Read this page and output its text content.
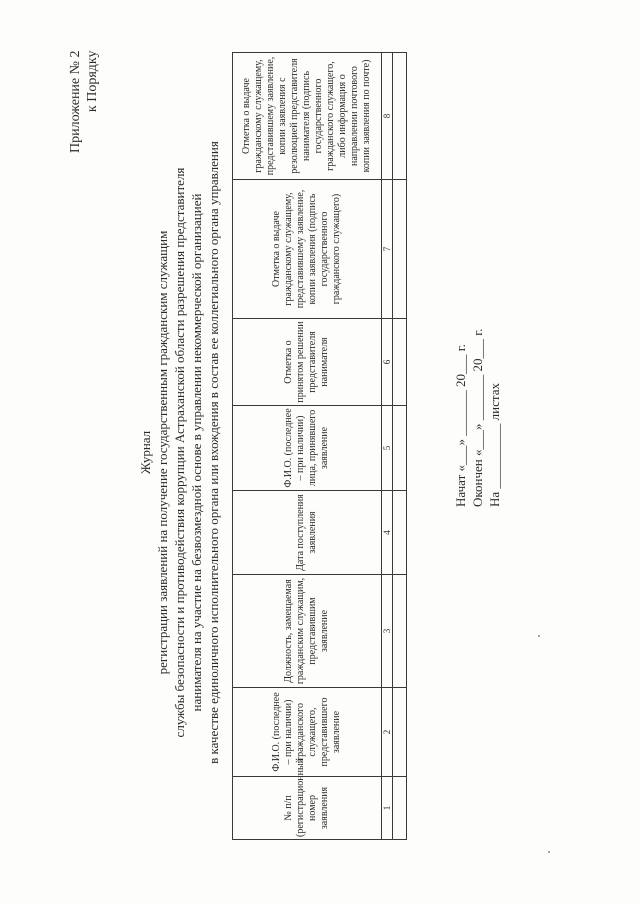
Приложение № 2 к Порядку
Журнал регистрации заявлений на получение государственным гражданским служащим службы безопасности и противодействия коррупции Астраханской области разрешения представителя нанимателя на участие на безвозмездной основе в управлении некоммерческой организацией в качестве единоличного исполнительного органа или вхождения в состав ее коллегиального органа управления
№ п/п (регистрационный номер заявления	Ф.И.О. (последнее – при наличии) гражданского служащего, представившего заявление	Должность, замещаемая гражданским служащим, представившим заявление	Дата поступления заявления	Ф.И.О. (последнее – при наличии) лица, принявшего заявление	Отметка о принятом решении представителя нанимателя	Отметка о выдаче гражданскому служащему, представившему заявление, копии заявления (подпись государственного гражданского служащего)	Отметка о выдаче гражданскому служащему, представившему заявление, копии заявления с резолюцией представителя нанимателя (подпись государственного гражданского служащего, либо информация о направлении почтового копии заявления по почте)
1	2	3	4	5	6	7	8

Начат «___» _______ 20___ г. Окончен «___» _______ 20___ г. На __________ листах
